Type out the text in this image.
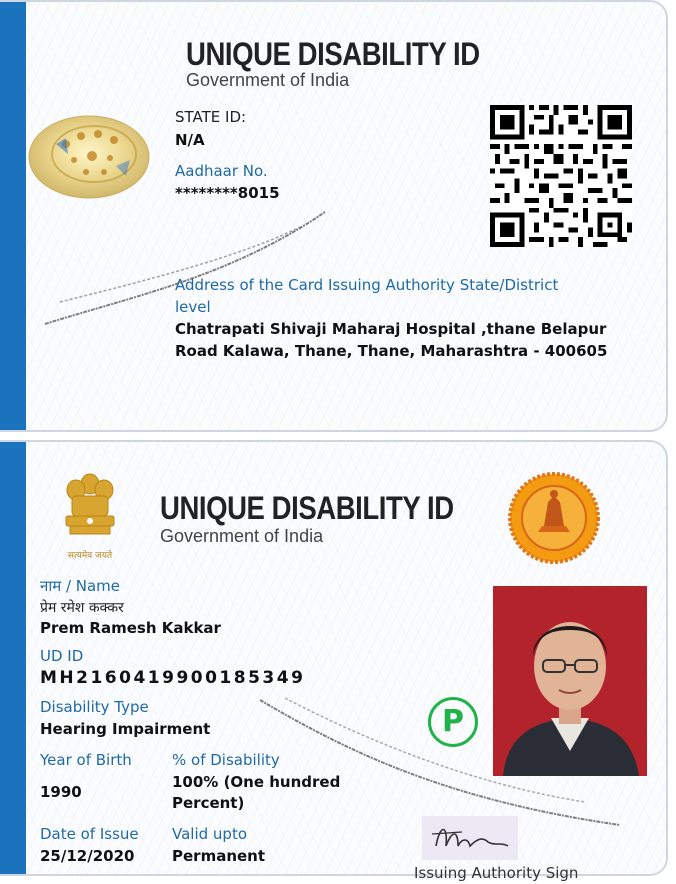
UNIQUE DISABILITY ID
Government of India
STATE ID:
N/A
Aadhaar No.
********8015
Address of the Card Issuing Authority State/District
level
Chatrapati Shivaji Maharaj Hospital ,thane Belapur
Road Kalawa, Thane, Thane, Maharashtra - 400605
सत्यमेव जयते
UNIQUE DISABILITY ID
Government of India
नाम / Name
प्रेम रमेश कक्कर
Prem Ramesh Kakkar
UD ID
MH2160419900185349
Disability Type
Hearing Impairment
Year of Birth
1990
% of Disability
100% (One hundred
Percent)
Date of Issue
25/12/2020
Valid upto
Permanent
P
Issuing Authority Sign
